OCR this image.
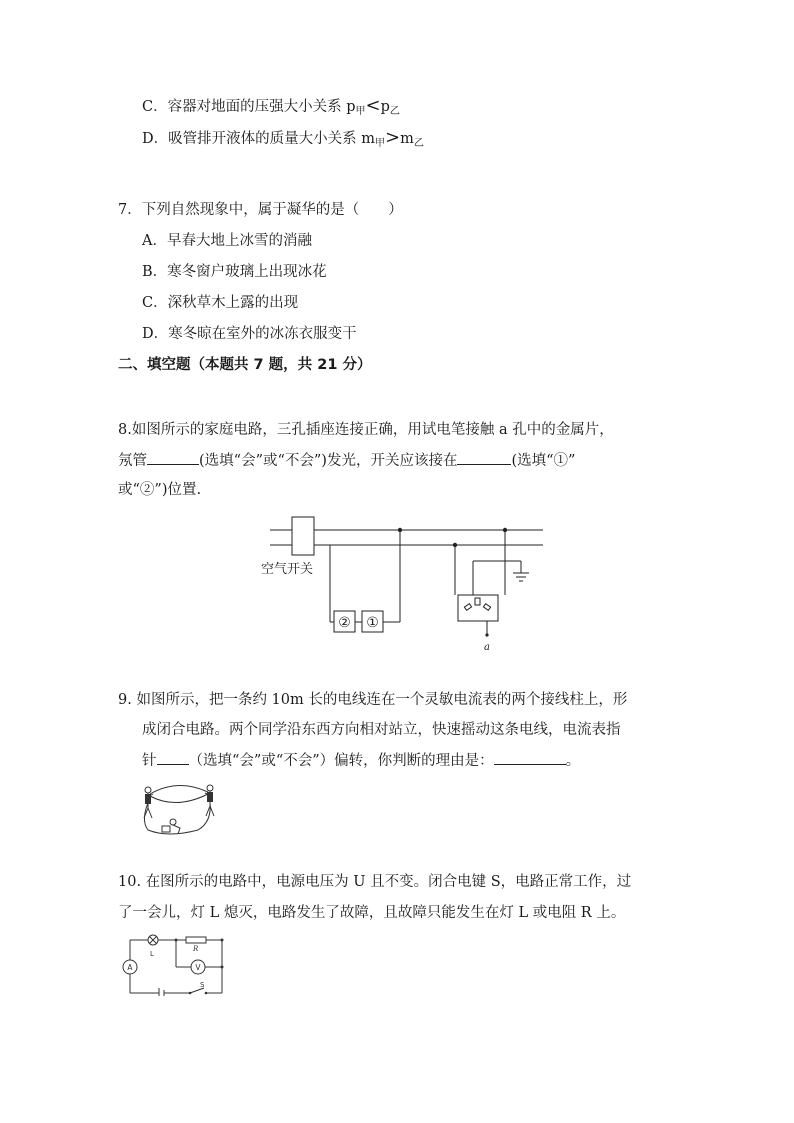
C．容器对地面的压强大小关系 $p_甲<p_乙$
D．吸管排开液体的质量大小关系 $m_甲>m_乙$
7．下列自然现象中，属于凝华的是（　　）
A．早春大地上冰雪的消融
B．寒冬窗户玻璃上出现冰花
C．深秋草木上露的出现
D．寒冬晾在室外的冰冻衣服变干
二、填空题（本题共 7 题，共 21 分）
8.如图所示的家庭电路，三孔插座连接正确，用试电笔接触 a 孔中的金属片，
氖管	(选填“会”或“不会”)发光，开关应该接在	(选填“①”
或“②”)位置.
空气开关
② ①
a
9. 如图所示，把一条约 10m 长的电线连在一个灵敏电流表的两个接线柱上，形
成闭合电路。两个同学沿东西方向相对站立，快速摇动这条电线，电流表指
针 （选填“会”或“不会”）偏转，你判断的理由是：	。
10. 在图所示的电路中，电源电压为 U 且不变。闭合电键 S，电路正常工作，过
了一会儿，灯 L 熄灭，电路发生了故障，且故障只能发生在灯 L 或电阻 R 上。
L
R
A	V
S
